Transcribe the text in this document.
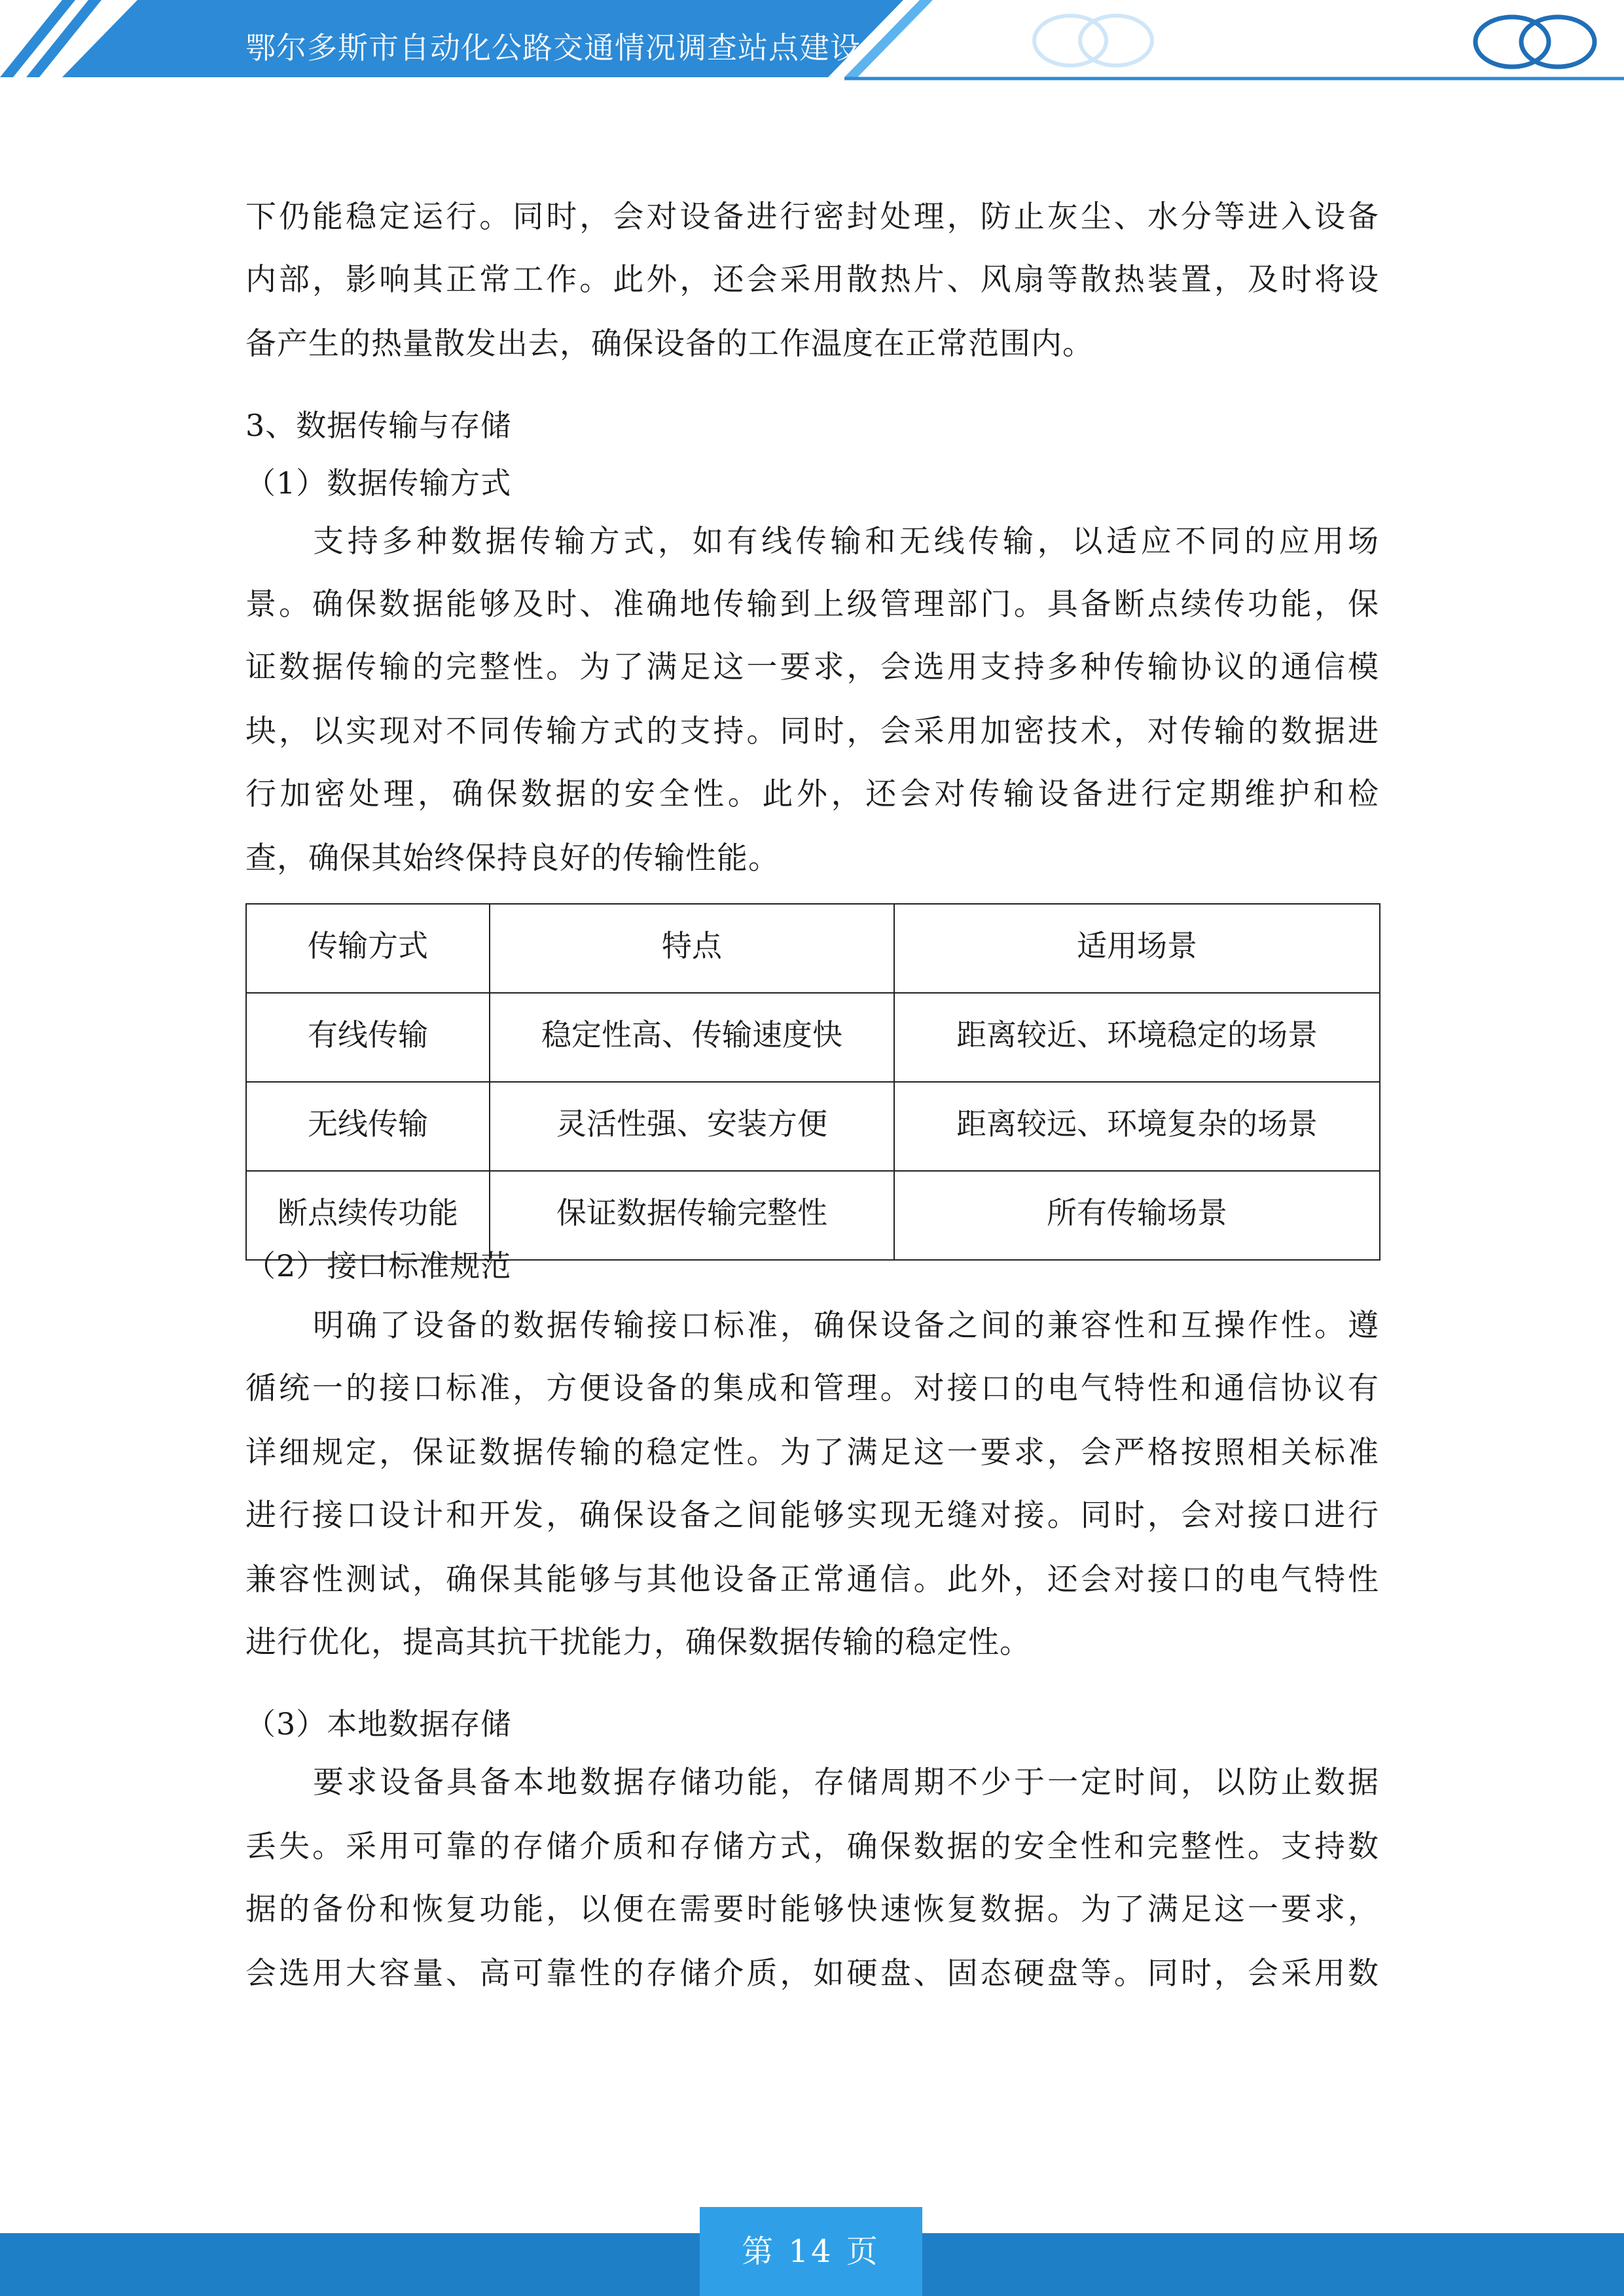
鄂尔多斯市自动化公路交通情况调查站点建设
下仍能稳定运行。同时，会对设备进行密封处理，防止灰尘、水分等进入设备
内部，影响其正常工作。此外，还会采用散热片、风扇等散热装置，及时将设
备产生的热量散发出去，确保设备的工作温度在正常范围内。
3、数据传输与存储
（1）数据传输方式
支持多种数据传输方式，如有线传输和无线传输，以适应不同的应用场
景。确保数据能够及时、准确地传输到上级管理部门。具备断点续传功能，保
证数据传输的完整性。为了满足这一要求，会选用支持多种传输协议的通信模
块，以实现对不同传输方式的支持。同时，会采用加密技术，对传输的数据进
行加密处理，确保数据的安全性。此外，还会对传输设备进行定期维护和检
查，确保其始终保持良好的传输性能。
（2）接口标准规范
明确了设备的数据传输接口标准，确保设备之间的兼容性和互操作性。遵
循统一的接口标准，方便设备的集成和管理。对接口的电气特性和通信协议有
详细规定，保证数据传输的稳定性。为了满足这一要求，会严格按照相关标准
进行接口设计和开发，确保设备之间能够实现无缝对接。同时，会对接口进行
兼容性测试，确保其能够与其他设备正常通信。此外，还会对接口的电气特性
进行优化，提高其抗干扰能力，确保数据传输的稳定性。
（3）本地数据存储
要求设备具备本地数据存储功能，存储周期不少于一定时间，以防止数据
丢失。采用可靠的存储介质和存储方式，确保数据的安全性和完整性。支持数
据的备份和恢复功能，以便在需要时能够快速恢复数据。为了满足这一要求，
会选用大容量、高可靠性的存储介质，如硬盘、固态硬盘等。同时，会采用数
传输方式	特点	适用场景
有线传输	稳定性高、传输速度快	距离较近、环境稳定的场景
无线传输	灵活性强、安装方便	距离较远、环境复杂的场景
断点续传功能	保证数据传输完整性	所有传输场景
第 14 页
